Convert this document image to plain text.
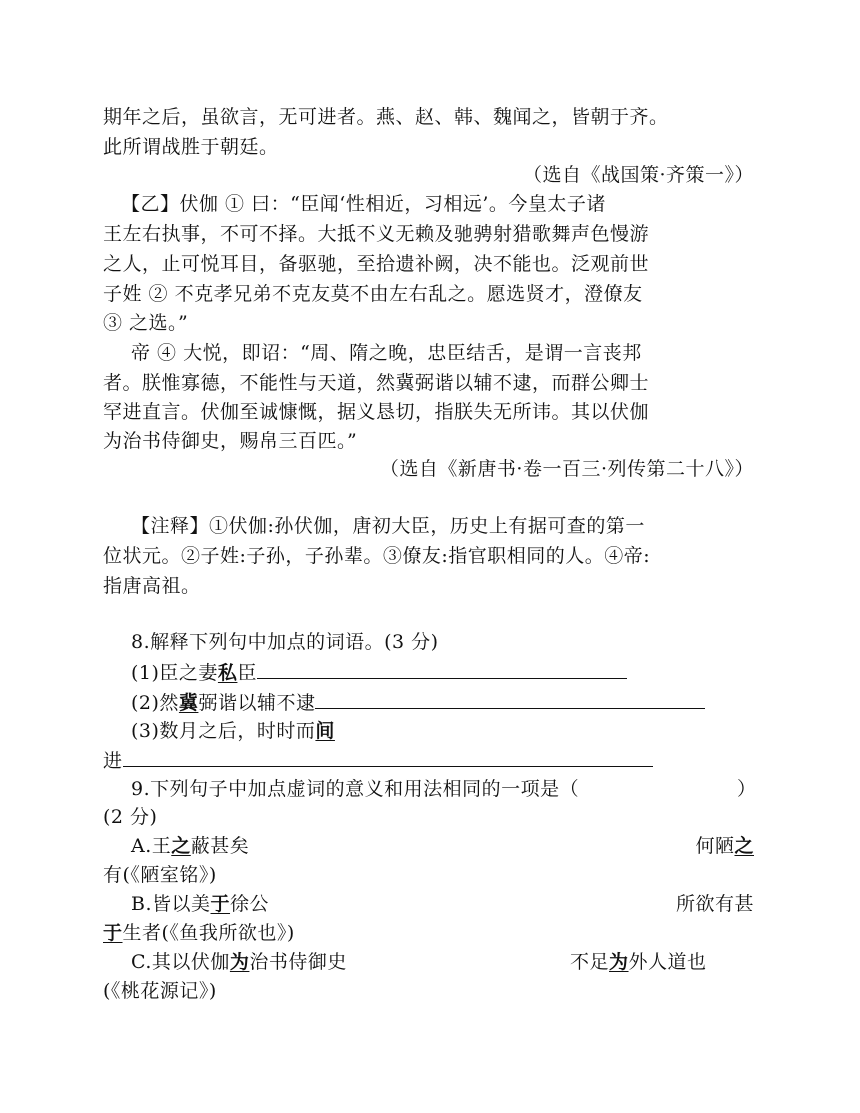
期年之后，虽欲言，无可进者。燕、赵、韩、魏闻之，皆朝于齐。
此所谓战胜于朝廷。
（选自《战国策·齐策一》）
【乙】伏伽 ① 曰：“臣闻‘性相近，习相远’。今皇太子诸
王左右执事，不可不择。大抵不义无赖及驰骋射猎歌舞声色慢游
之人，止可悦耳目，备驱驰，至拾遗补阙，决不能也。泛观前世
子姓 ② 不克孝兄弟不克友莫不由左右乱之。愿选贤才，澄僚友
③ 之选。”
帝 ④ 大悦，即诏：“周、隋之晚，忠臣结舌，是谓一言丧邦
者。朕惟寡德，不能性与天道，然冀弼谐以辅不逮，而群公卿士
罕进直言。伏伽至诚慷慨，据义恳切，指朕失无所讳。其以伏伽
为治书侍御史，赐帛三百匹。”
（选自《新唐书·卷一百三·列传第二十八》）
【注释】①伏伽:孙伏伽，唐初大臣，历史上有据可查的第一
位状元。②子姓:子孙，子孙辈。③僚友:指官职相同的人。④帝:
指唐高祖。
8.解释下列句中加点的词语。(3 分)
(1)臣之妻私臣
(2)然冀弼谐以辅不逮
(3)数月之后，时时而间
进
9.下列句子中加点虚词的意义和用法相同的一项是（	）
(2 分)
A.王之蔽甚矣	何陋之
有(《陋室铭》)
B.皆以美于徐公	所欲有甚
于生者(《鱼我所欲也》)
C.其以伏伽为治书侍御史	不足为外人道也
(《桃花源记》)
